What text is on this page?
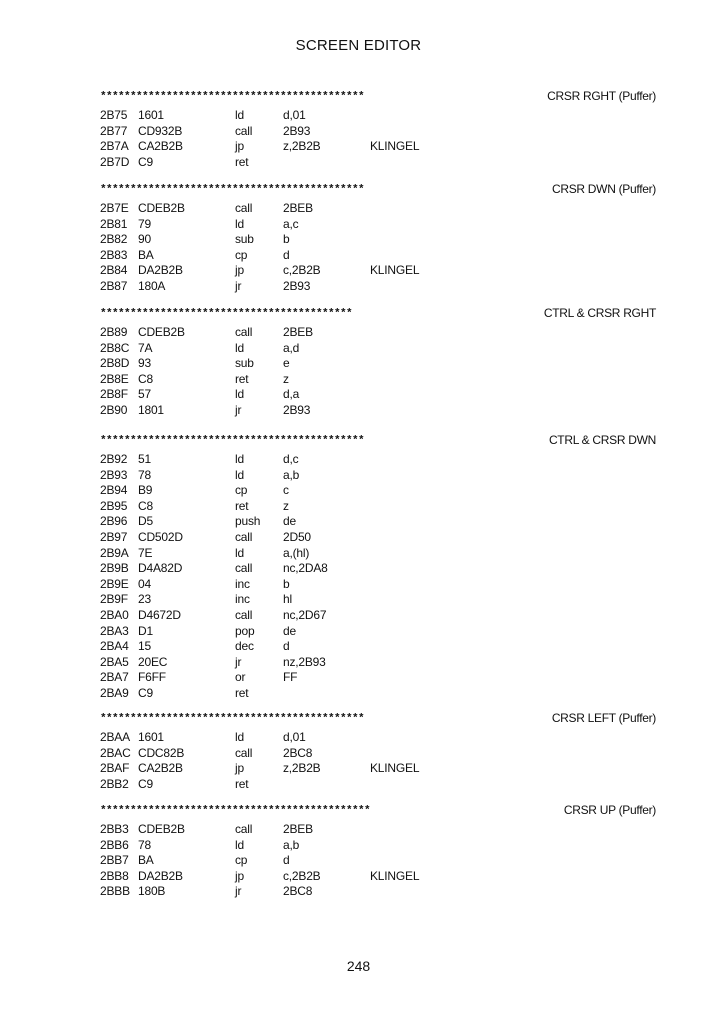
SCREEN EDITOR
********************************************	CRSR RGHT (Puffer)
2B75 1601	ld	d,01
2B77 CD932B	call	2B93
2B7A CA2B2B	jp	z,2B2B	KLINGEL
2B7D C9	ret
********************************************	CRSR DWN (Puffer)
2B7E CDEB2B	call	2BEB
2B81 79	ld	a,c
2B82 90	sub b
2B83 BA	cp	d
2B84 DA2B2B	jp	c,2B2B	KLINGEL
2B87 180A	jr	2B93
******************************************	CTRL & CRSR RGHT
2B89 CDEB2B	call	2BEB
2B8C 7A	ld	a,d
2B8D 93	sub e
2B8E C8	ret	z
2B8F 57	ld	d,a
2B90 1801	jr	2B93
********************************************	CTRL & CRSR DWN
2B92 51	ld	d,c
2B93 78	ld	a,b
2B94 B9	cp	c
2B95 C8	ret	z
2B96 D5	push de
2B97 CD502D	call	2D50
2B9A 7E	ld	a,(hl)
2B9B D4A82D	call	nc,2DA8
2B9E 04	inc	b
2B9F 23	inc	hl
2BA0 D4672D	call	nc,2D67
2BA3 D1	pop de
2BA4 15	dec d
2BA5 20EC	jr	nz,2B93
2BA7 F6FF	or	FF
2BA9 C9	ret
********************************************	CRSR LEFT (Puffer)
2BAA 1601	ld	d,01
2BAC CDC82B	call	2BC8
2BAF CA2B2B	jp	z,2B2B	KLINGEL
2BB2 C9	ret
*********************************************	CRSR UP (Puffer)
2BB3 CDEB2B	call	2BEB
2BB6 78	ld	a,b
2BB7 BA	cp	d
2BB8 DA2B2B	jp	c,2B2B	KLINGEL
2BBB 180B	jr	2BC8
248
